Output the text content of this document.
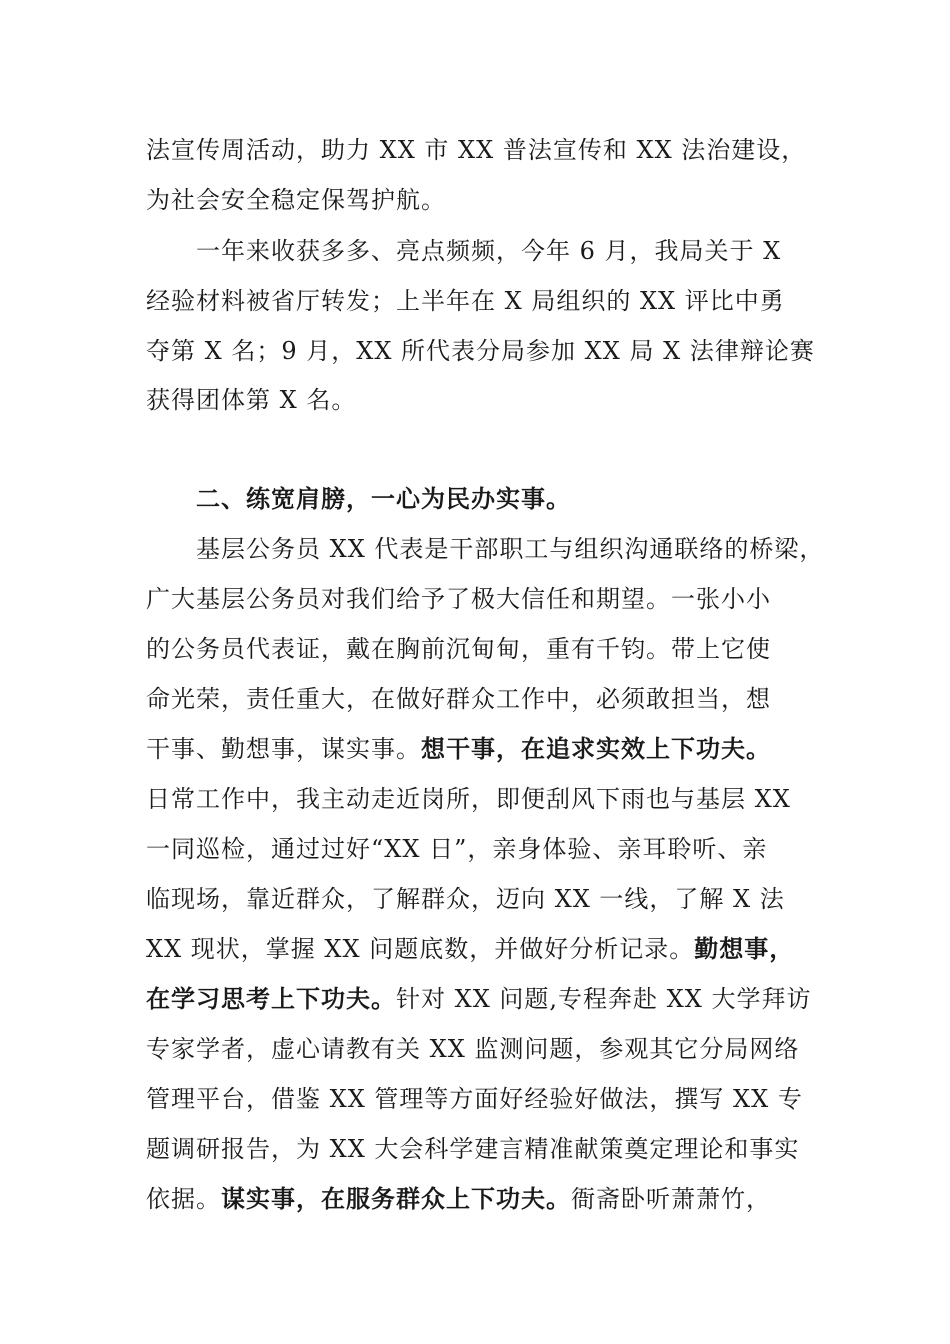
法宣传周活动，助力 XX 市 XX 普法宣传和 XX 法治建设，
为社会安全稳定保驾护航。
一年来收获多多、亮点频频，今年 6 月，我局关于 X
经验材料被省厅转发；上半年在 X 局组织的 XX 评比中勇
夺第 X 名；9 月，XX 所代表分局参加 XX 局 X 法律辩论赛
获得团体第 X 名。
二、练宽肩膀，一心为民办实事。
基层公务员 XX 代表是干部职工与组织沟通联络的桥梁，
广大基层公务员对我们给予了极大信任和期望。一张小小
的公务员代表证，戴在胸前沉甸甸，重有千钧。带上它使
命光荣，责任重大，在做好群众工作中，必须敢担当，想
干事、勤想事，谋实事。想干事，在追求实效上下功夫。
日常工作中，我主动走近岗所，即便刮风下雨也与基层 XX
一同巡检，通过过好“XX 日”，亲身体验、亲耳聆听、亲
临现场，靠近群众，了解群众，迈向 XX 一线，了解 X 法
XX 现状，掌握 XX 问题底数，并做好分析记录。勤想事，
在学习思考上下功夫。针对 XX 问题,专程奔赴 XX 大学拜访
专家学者，虚心请教有关 XX 监测问题，参观其它分局网络
管理平台，借鉴 XX 管理等方面好经验好做法，撰写 XX 专
题调研报告，为 XX 大会科学建言精准献策奠定理论和事实
依据。谋实事，在服务群众上下功夫。衙斋卧听萧萧竹，
